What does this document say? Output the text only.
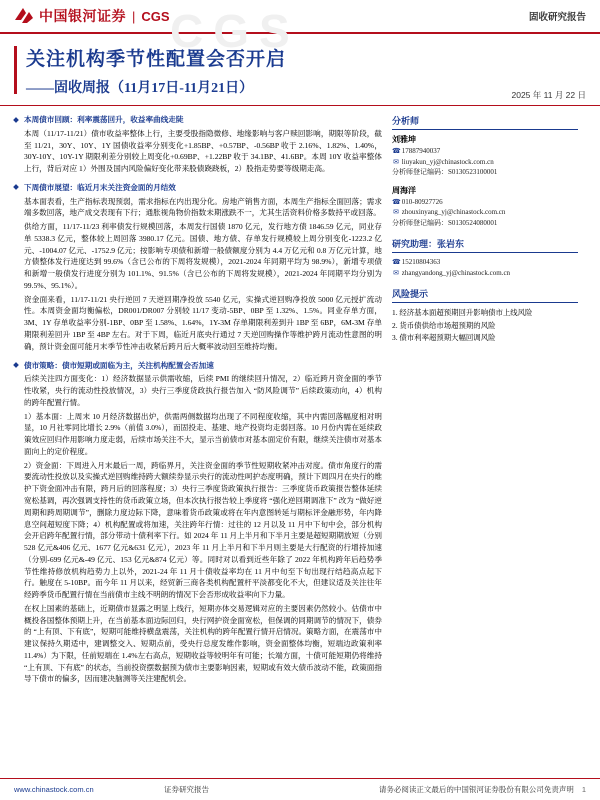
CGS
中国银河证券 | CGS	固收研究报告
关注机构季节性配置会否开启
——固收周报（11月17日-11月21日）	2025 年 11 月 22 日

本周债市回顾：利率震荡回升，收益率曲线走陡

本周（11/17-11/21）债市收益率整体上行，主要受股指隐微修、地缘影响与客户赎回影响，期限等阶段，截至 11/21，30Y、10Y、1Y 国债收益率分别变化+1.85BP、+0.57BP、-0.56BP 收于 2.16%、1.82%、1.40%，30Y-10Y、10Y-1Y 期限利差分别较上周变化+0.69BP、+1.22BP 收于 34.1BP、41.6BP。本周 10Y 收益率整体上行，背后对应 1）外围及国内风险偏好变化带来股债跷跷板，2）股指走势要等级期走高。

下周债市展望：临近月末关注资金面的月结效

基本面表看，生产指标表现预弱，需求指标在内出现分化。房地产销售方面，本周生产指标全面回落；需求端多数回落，地产成交表现有下行；通胀视角物价指数未期涨跌不一，尤其生活资料价格多数持平或回落。

供给方面，11/17-11/23 利率债发行规模回落，本周发行国债 1870 亿元，发行地方债 1846.59 亿元，同业存单 5338.3 亿元，整体较上周回落 3980.17 亿元。国债、地方债、存单发行规模较上周分别变化-1223.2 亿元、-1004.07 亿元、-1752.9 亿元；按影响专项债和新增一般债额度分别为 4.4 万亿元和 0.8 万亿元计算，地方债整体发行进度达到 99.6%（含已公布的下周将发规模），2021-2024 年同期平均为 98.9%），新增专项债和新增一般债发行进度分别为 101.1%、91.5%（含已公布的下周将发规模），2021-2024 年同期平均分别为 99.5%、95.1%）。

资金面来看，11/17-11/21 央行逆回 7 天逆回期净投放 5540 亿元，实操式逆回购净投放 5000 亿元授扩流动性。本周资金面均衡偏松，DR001/DR007 分别较 11/17 变动-5BP、0BP 至 1.32%、1.5%。同业存单方面，3M、1Y 存单收益率分别-1BP、0BP 至 1.58%、1.64%，1Y-3M 存单期限利差到升 1BP 至 6BP，6M-3M 存单期限利差回升 1BP 至 4BP 左右。对于下周，临近月底央行通过 7 天逆回购操作等维护跨月流动性意图的明确，预计资金面可能月末季节性冲击收紧后跨月后大概率波动回至维持均衡。

债市策略：债市短期或面临为主，关注机构配置会否加速

后续关注四方面变化：1）经济数据显示供需收缩，后续 PMI 的继续回升情况，2）临近跨月资金面的季节性收紧，央行的流动性投放情况，3）央行三季度货政执行报告加入 “防风险调节” 后续政策动向，4）机构的跨年配置行情。

1）基本面：上周末 10 月经济数据出炉，供需两侧数据均出现了不同程度收缩，其中内需回落幅度相对明显，10 月社零同比增长 2.9%（前值 3.0%），而固投走、基建、地产投资均走弱回落。10 月份内需在延续政策效应回归作用影响力度走弱，后续市场关注不大，显示当前债市对基本面定价有限，继续关注债市对基本面向上的定价程度。

2）资金面：下周进入月末最后一周，跨临界月，关注资金面的季节性短期收紧冲击对度。债市角度行的需要流动性投放以及实操式逆回购维持跨大额续券显示央行的流动性呵护态度明确，预计下周四月在央行的维护下资金面冲击有限，跨月后的回落程度；3）央行三季度货政策执行报告：三季度货币政策报告整体延续宽松基调，再次强调支持性的货币政策立场，但本次执行报告较上季度将 “强化逆回期调准下” 改为 “做好逆周期和跨周期调节”，删除力度边际下降，意味着货币政策或将在年内意图转延与期标评金融形势，年内降息空间超短度下降；4）机构配置或将加速，关注跨年行情：过往的 12 月以及 11 月中下旬中会，部分机构会开启跨年配置行情，部分带动十债利率下行。如 2024 年 11 月上半月和下半月主要是超短期期放短（分别 528 亿元&406 亿元、1677 亿元&631 亿元），2023 年 11 月上半月和下半月则主要是大行配资的行增持加速（分别-699 亿元&-49 亿元、153 亿元&874 亿元）等。同时对以看到近些年除了 2022 年机构跨年后趋势季节性维持修放机构趋势力上以外，2021-24 年 11 月十债收益率均在 11 月中旬至下旬出现行结趋高点起下行。触度在 5-10BP。而今年 11 月以来，经贸新三商各类机构配置杆平淡都变化不大，但建议适及关注往年经跨季货币配置行情在当前债市主线不明朗的情况下会否形成收益率向下力量。

在权上国素的基础上，近期债市显露之明显上线行，短期亦体交易逻辑对应的主要因素仍然较小。估债市中概投各国整体预期上升，在当前基本面边际回归，央行网护资金面宽松，但保调的同期调节的情况下，债券的 “上有顶、下有底”，短期可能维持横盘震荡，关注机构的跨年配置行情开启情况。策略方面，在震荡市中建议保持久期适中，建调整交入、短期点前，受央行总度发维作影响，资金面整体均衡，短端边政策利率 11.4%）为下限，任前短端在 1.4%左右高点，短期收益等较明年有可能；长端方面，十债可能短期仍将维持 “上有顶、下有底” 的状态，当前投资摆数据预为债市主要影响因素，短期或有效大债币波动不能，政策面指导下债市的偏多，因而建决脑测等关注建配机会。

分析师
刘雅坤
☎ 17887940037
✉ liuyakun_yj@chinastock.com.cn
分析师登记编码：S0130523100001
周海洋
☎ 010-80927726
✉ zhouxinyang_yj@chinastock.com.cn
分析师登记编码：S0130524080001
研究助理：张岩东
☎ 15210804363
✉ zhangyandong_yj@chinastock.com.cn
风险提示
1. 经济基本面超预期回升影响债市上线风险
2. 货币债供给市场超预期的风险
3. 债市利率超预期大幅回调风险
www.chinastock.com.cn	证券研究报告	请务必阅读正文最后的中国银河证券股份有限公司免责声明 1
